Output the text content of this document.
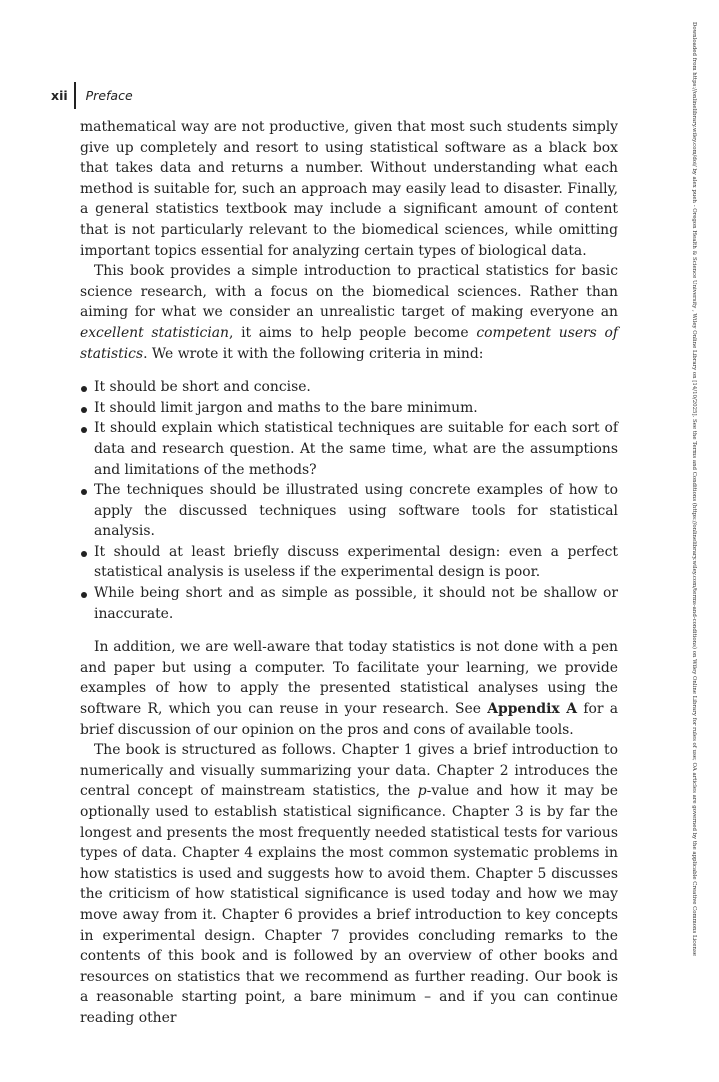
xii Preface

mathematical way are not productive, given that most such students simply give up completely and resort to using statistical software as a black box that takes data and returns a number. Without understanding what each method is suitable for, such an approach may easily lead to disaster. Finally, a general statistics textbook may include a significant amount of content that is not particularly relevant to the biomedical sciences, while omitting important topics essential for analyzing certain types of biological data.

This book provides a simple introduction to practical statistics for basic science research, with a focus on the biomedical sciences. Rather than aiming for what we consider an unrealistic target of making everyone an excellent statistician, it aims to help people become competent users of statistics. We wrote it with the following criteria in mind:

It should be short and concise.
It should limit jargon and maths to the bare minimum.
It should explain which statistical techniques are suitable for each sort of data and research question. At the same time, what are the assumptions and limitations of the methods?
The techniques should be illustrated using concrete examples of how to apply the discussed techniques using software tools for statistical analysis.
It should at least briefly discuss experimental design: even a perfect statistical analysis is useless if the experimental design is poor.
While being short and as simple as possible, it should not be shallow or inaccurate.

In addition, we are well-aware that today statistics is not done with a pen and paper but using a computer. To facilitate your learning, we provide examples of how to apply the presented statistical analyses using the software R, which you can reuse in your research. See Appendix A for a brief discussion of our opinion on the pros and cons of available tools.

The book is structured as follows. Chapter 1 gives a brief introduction to numerically and visually summarizing your data. Chapter 2 introduces the central concept of mainstream statistics, the p-value and how it may be optionally used to establish statistical significance. Chapter 3 is by far the longest and presents the most frequently needed statistical tests for various types of data. Chapter 4 explains the most common systematic problems in how statistics is used and suggests how to avoid them. Chapter 5 discusses the criticism of how statistical significance is used today and how we may move away from it. Chapter 6 provides a brief introduction to key concepts in experimental design. Chapter 7 provides concluding remarks to the contents of this book and is followed by an overview of other books and resources on statistics that we recommend as further reading. Our book is a reasonable starting point, a bare minimum – and if you can continue reading other

Downloaded from https://onlinelibrary.wiley.com/doi/ by alex pueh - Oregon Health & Science University , Wiley Online Library on [14/10/2025]. See the Terms and Conditions (https://onlinelibrary.wiley.com/terms-and-conditions) on Wiley Online Library for rules of use; OA articles are governed by the applicable Creative Commons License
